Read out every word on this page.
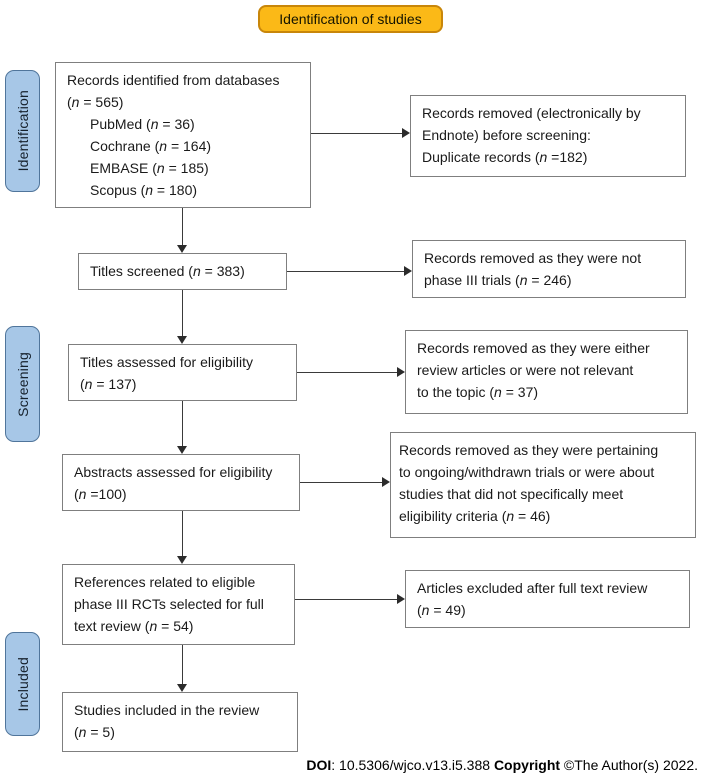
Identification of studies
Identification
Screening
Included
Records identified from databases
(n = 565)
PubMed (n = 36)
Cochrane (n = 164)
EMBASE (n = 185)
Scopus (n = 180)
Titles screened (n = 383)
Titles assessed for eligibility
(n = 137)
Abstracts assessed for eligibility
(n =100)
References related to eligible
phase III RCTs selected for full
text review (n = 54)
Studies included in the review
(n = 5)
Records removed (electronically by
Endnote) before screening:
Duplicate records (n =182)
Records removed as they were not
phase III trials (n = 246)
Records removed as they were either
review articles or were not relevant
to the topic (n = 37)
Records removed as they were pertaining
to ongoing/withdrawn trials or were about
studies that did not specifically meet
eligibility criteria (n = 46)
Articles excluded after full text review
(n = 49)
DOI: 10.5306/wjco.v13.i5.388 Copyright ©The Author(s) 2022.
